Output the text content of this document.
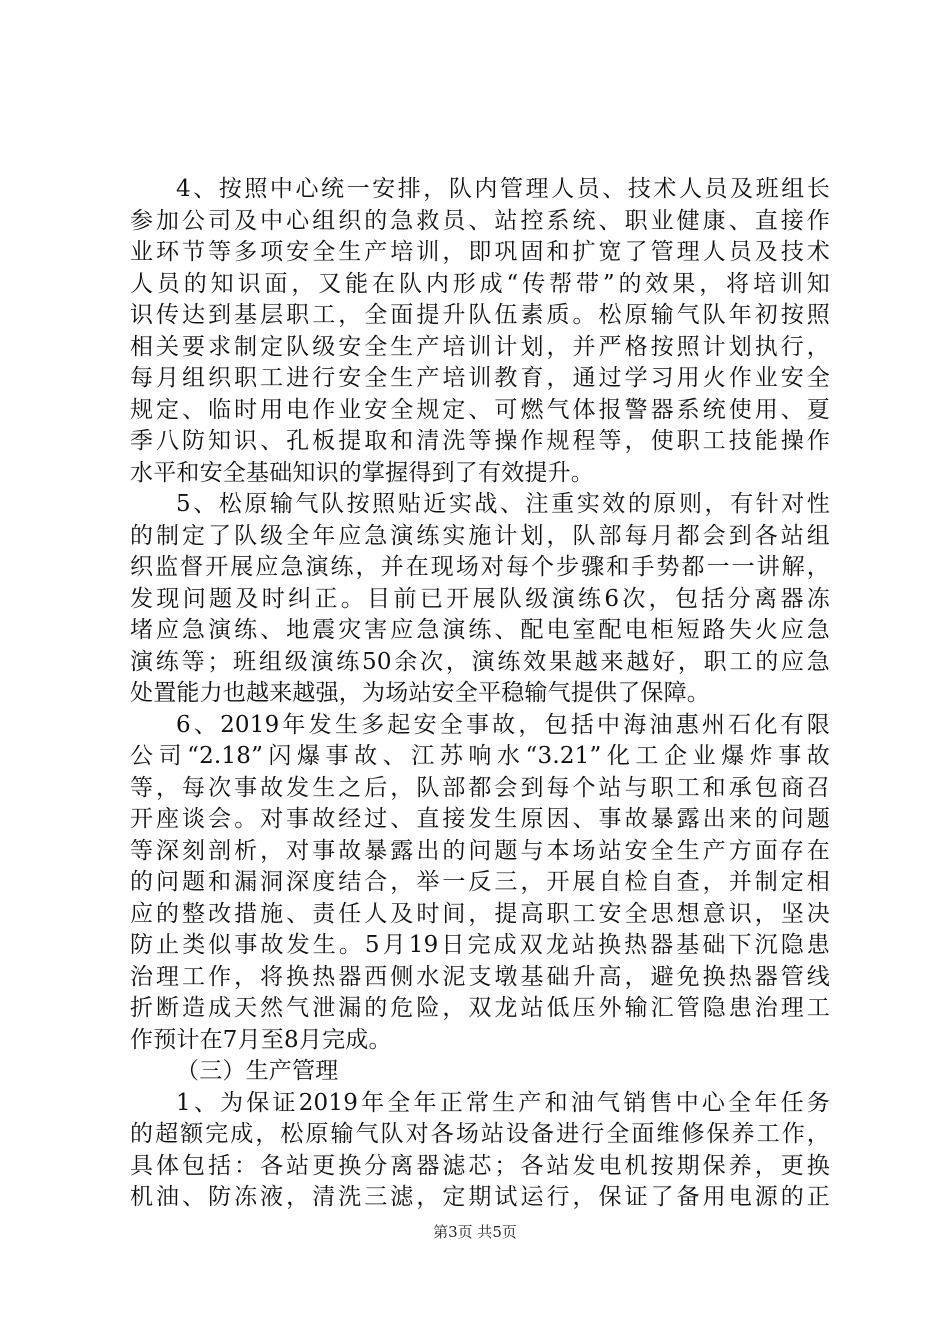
4、按照中心统一安排，队内管理人员、技术人员及班组长
参加公司及中心组织的急救员、站控系统、职业健康、直接作
业环节等多项安全生产培训，即巩固和扩宽了管理人员及技术
人员的知识面，又能在队内形成“传帮带”的效果，将培训知
识传达到基层职工，全面提升队伍素质。松原输气队年初按照
相关要求制定队级安全生产培训计划，并严格按照计划执行，
每月组织职工进行安全生产培训教育，通过学习用火作业安全
规定、临时用电作业安全规定、可燃气体报警器系统使用、夏
季八防知识、孔板提取和清洗等操作规程等，使职工技能操作
水平和安全基础知识的掌握得到了有效提升。
5、松原输气队按照贴近实战、注重实效的原则，有针对性
的制定了队级全年应急演练实施计划，队部每月都会到各站组
织监督开展应急演练，并在现场对每个步骤和手势都一一讲解，
发现问题及时纠正。目前已开展队级演练6次，包括分离器冻
堵应急演练、地震灾害应急演练、配电室配电柜短路失火应急
演练等；班组级演练50余次，演练效果越来越好，职工的应急
处置能力也越来越强，为场站安全平稳输气提供了保障。
6、2019年发生多起安全事故，包括中海油惠州石化有限
公司“2.18”闪爆事故、江苏响水“3.21”化工企业爆炸事故
等，每次事故发生之后，队部都会到每个站与职工和承包商召
开座谈会。对事故经过、直接发生原因、事故暴露出来的问题
等深刻剖析，对事故暴露出的问题与本场站安全生产方面存在
的问题和漏洞深度结合，举一反三，开展自检自查，并制定相
应的整改措施、责任人及时间，提高职工安全思想意识，坚决
防止类似事故发生。5月19日完成双龙站换热器基础下沉隐患
治理工作，将换热器西侧水泥支墩基础升高，避免换热器管线
折断造成天然气泄漏的危险，双龙站低压外输汇管隐患治理工
作预计在7月至8月完成。
（三）生产管理
1、为保证2019年全年正常生产和油气销售中心全年任务
的超额完成，松原输气队对各场站设备进行全面维修保养工作，
具体包括：各站更换分离器滤芯；各站发电机按期保养，更换
机油、防冻液，清洗三滤，定期试运行，保证了备用电源的正
第3页 共5页
